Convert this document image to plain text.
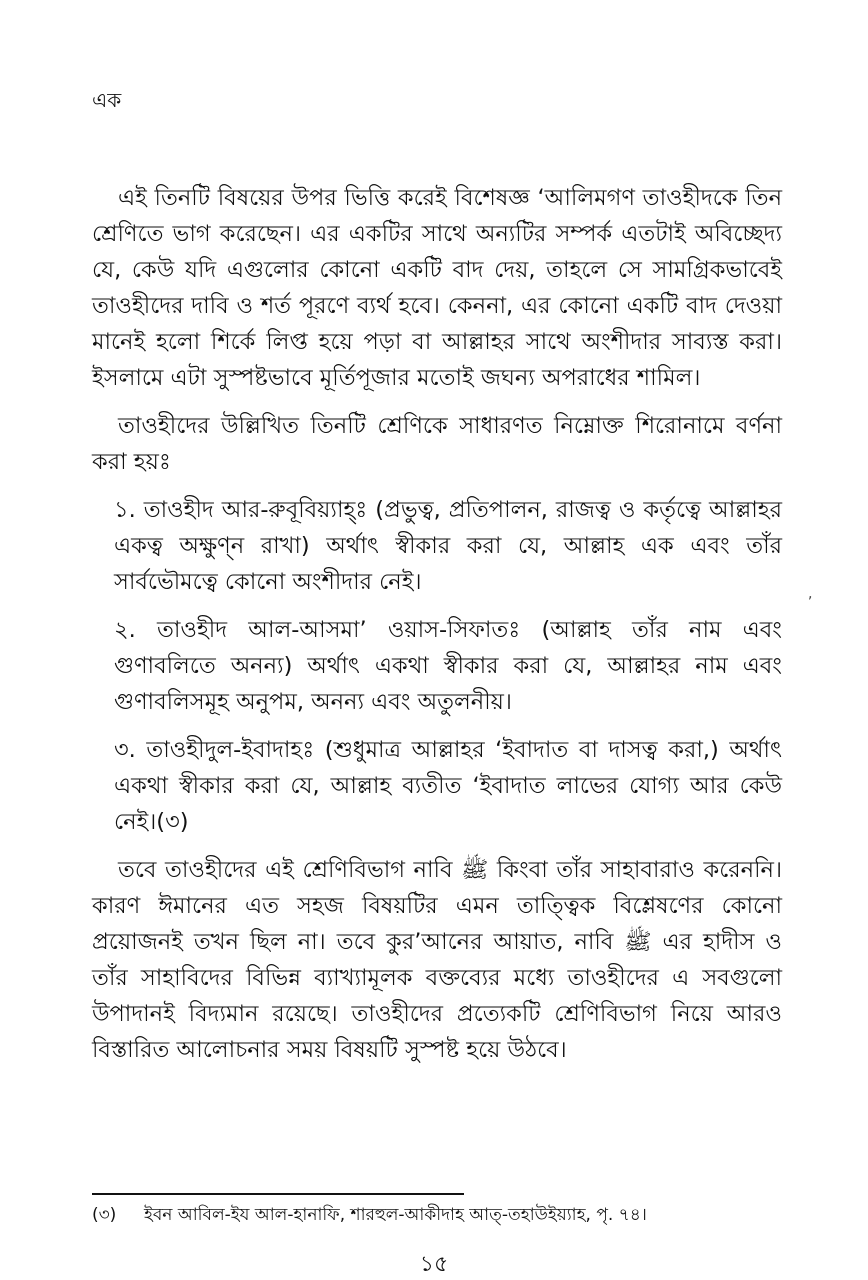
এক

এই তিনটি বিষয়ের উপর ভিত্তি করেই বিশেষজ্ঞ ‘আলিমগণ তাওহীদকে তিন শ্রেণিতে ভাগ করেছেন। এর একটির সাথে অন্যটির সম্পর্ক এতটাই অবিচ্ছেদ্য যে, কেউ যদি এগুলোর কোনো একটি বাদ দেয়, তাহলে সে সামগ্রিকভাবেই তাওহীদের দাবি ও শর্ত পূরণে ব্যর্থ হবে। কেননা, এর কোনো একটি বাদ দেওয়া মানেই হলো শির্কে লিপ্ত হয়ে পড়া বা আল্লাহর সাথে অংশীদার সাব্যস্ত করা। ইসলামে এটা সুস্পষ্টভাবে মূর্তিপূজার মতোই জঘন্য অপরাধের শামিল।

তাওহীদের উল্লিখিত তিনটি শ্রেণিকে সাধারণত নিম্নোক্ত শিরোনামে বর্ণনা করা হয়ঃ

১. তাওহীদ আর-রুবূবিয়্যাহ্ঃ (প্রভুত্ব, প্রতিপালন, রাজত্ব ও কর্তৃত্বে আল্লাহর একত্ব অক্ষুণ্ন রাখা) অর্থাৎ স্বীকার করা যে, আল্লাহ এক এবং তাঁর সার্বভৌমত্বে কোনো অংশীদার নেই।

২. তাওহীদ আল-আসমা’ ওয়াস-সিফাতঃ (আল্লাহ তাঁর নাম এবং গুণাবলিতে অনন্য) অর্থাৎ একথা স্বীকার করা যে, আল্লাহর নাম এবং গুণাবলিসমূহ অনুপম, অনন্য এবং অতুলনীয়।

৩. তাওহীদুল-ইবাদাহঃ (শুধুমাত্র আল্লাহর ‘ইবাদাত বা দাসত্ব করা,) অর্থাৎ একথা স্বীকার করা যে, আল্লাহ ব্যতীত ‘ইবাদাত লাভের যোগ্য আর কেউ নেই।(৩)

তবে তাওহীদের এই শ্রেণিবিভাগ নাবি ﷺ কিংবা তাঁর সাহাবারাও করেননি। কারণ ঈমানের এত সহজ বিষয়টির এমন তাত্ত্বিক বিশ্লেষণের কোনো প্রয়োজনই তখন ছিল না। তবে কুর’আনের আয়াত, নাবি ﷺ এর হাদীস ও তাঁর সাহাবিদের বিভিন্ন ব্যাখ্যামূলক বক্তব্যের মধ্যে তাওহীদের এ সবগুলো উপাদানই বিদ্যমান রয়েছে। তাওহীদের প্রত্যেকটি শ্রেণিবিভাগ নিয়ে আরও বিস্তারিত আলোচনার সময় বিষয়টি সুস্পষ্ট হয়ে উঠবে।

,
(৩) ইবন আবিল-ইয আল-হানাফি, শারহুল-আকীদাহ আত্-তহাউইয়্যাহ, পৃ. ৭৪।
১৫
